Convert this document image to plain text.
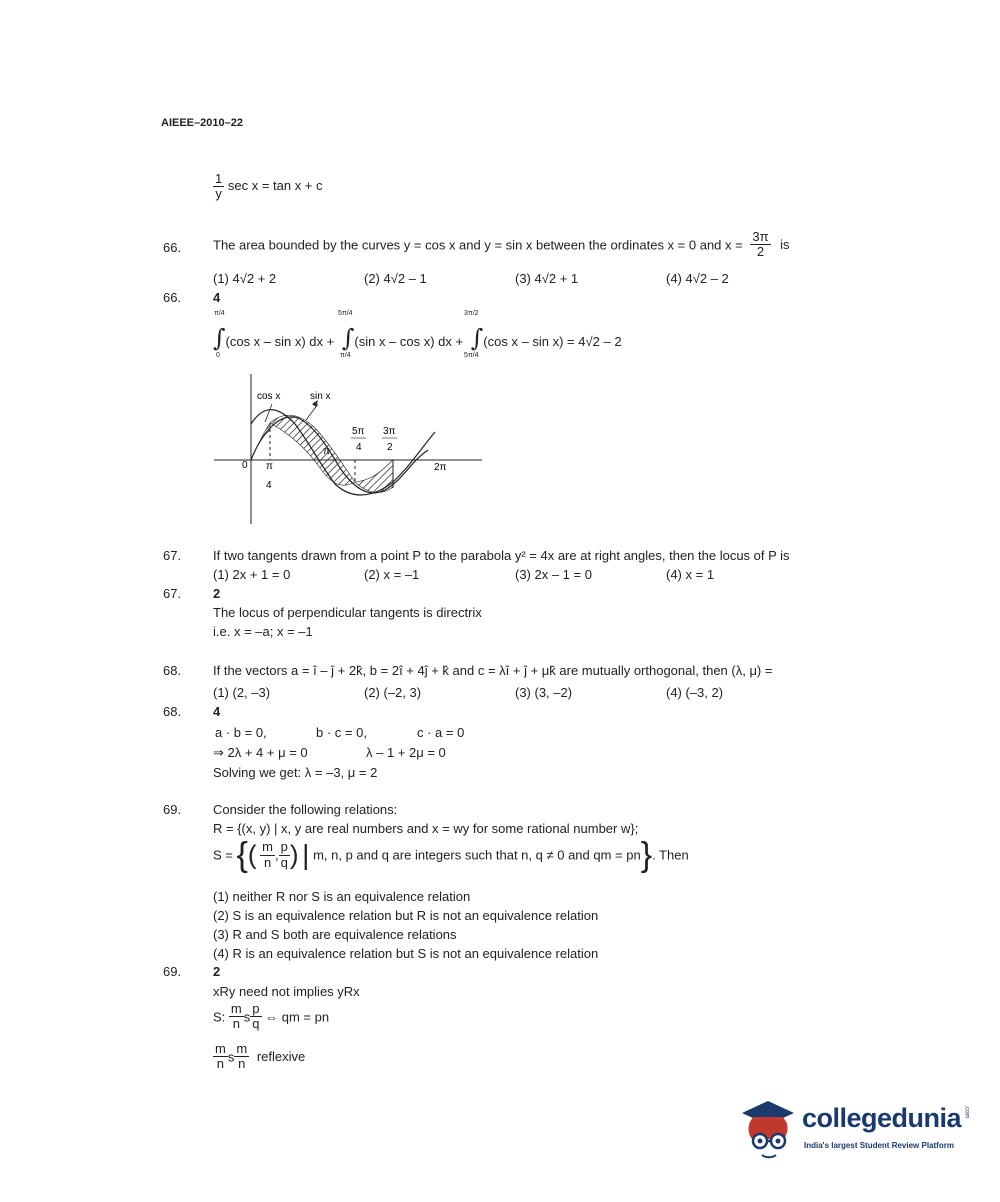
AIEEE–2010–22
$\frac{1}{y}$ sec x = tan x + c
66. The area bounded by the curves y = cos x and y = sin x between the ordinates x = 0 and $x = \frac{3\pi}{2}$ is
(1) 4√2 + 2	(2) 4√2 – 1	(3) 4√2 + 1	(4) 4√2 – 2
66. 4
∫(cos x – sin x) dx + ∫(sin x – cos x) dx + ∫(cos x – sin x) = 4√2 – 2
π/4
0
5π/4
π/4
3π/2
5π/4
cos x	sin x
0 π
4
π
5π
4
3π
2
2π
67. If two tangents drawn from a point P to the parabola y² = 4x are at right angles, then the locus of P is
(1) 2x + 1 = 0	(2) x = –1	(3) 2x – 1 = 0	(4) x = 1
67. 2
The locus of perpendicular tangents is directrix
i.e. x = –a; x = –1
68. If the vectors a = î – ĵ + 2k̂, b = 2î + 4ĵ + k̂ and c = λî + ĵ + μk̂ are mutually orthogonal, then (λ, μ) =
(1) (2, –3)	(2) (–2, 3)	(3) (3, –2)	(4) (–3, 2)
68. 4
a · b = 0,	b · c = 0,	c · a = 0
⇒ 2λ + 4 + μ = 0	λ – 1 + 2μ = 0
Solving we get: λ = –3, μ = 2
69. Consider the following relations:
R = {(x, y) | x, y are real numbers and x = wy for some rational number w};
S = {( $\frac{m}{n}$ , $\frac{p}{q}$ ) | m, n, p and q are integers such that n, q ≠ 0 and qm = pn}. Then
(1) neither R nor S is an equivalence relation
(2) S is an equivalence relation but R is not an equivalence relation
(3) R and S both are equivalence relations
(4) R is an equivalence relation but S is not an equivalence relation
69. 2
xRy need not implies yRx
S: $\frac{m}{n}$ s $\frac{p}{q}$ ⇔ qm = pn
$\frac{m}{n}$ s $\frac{m}{n}$ reflexive
collegedunia .com
India's largest Student Review Platform
